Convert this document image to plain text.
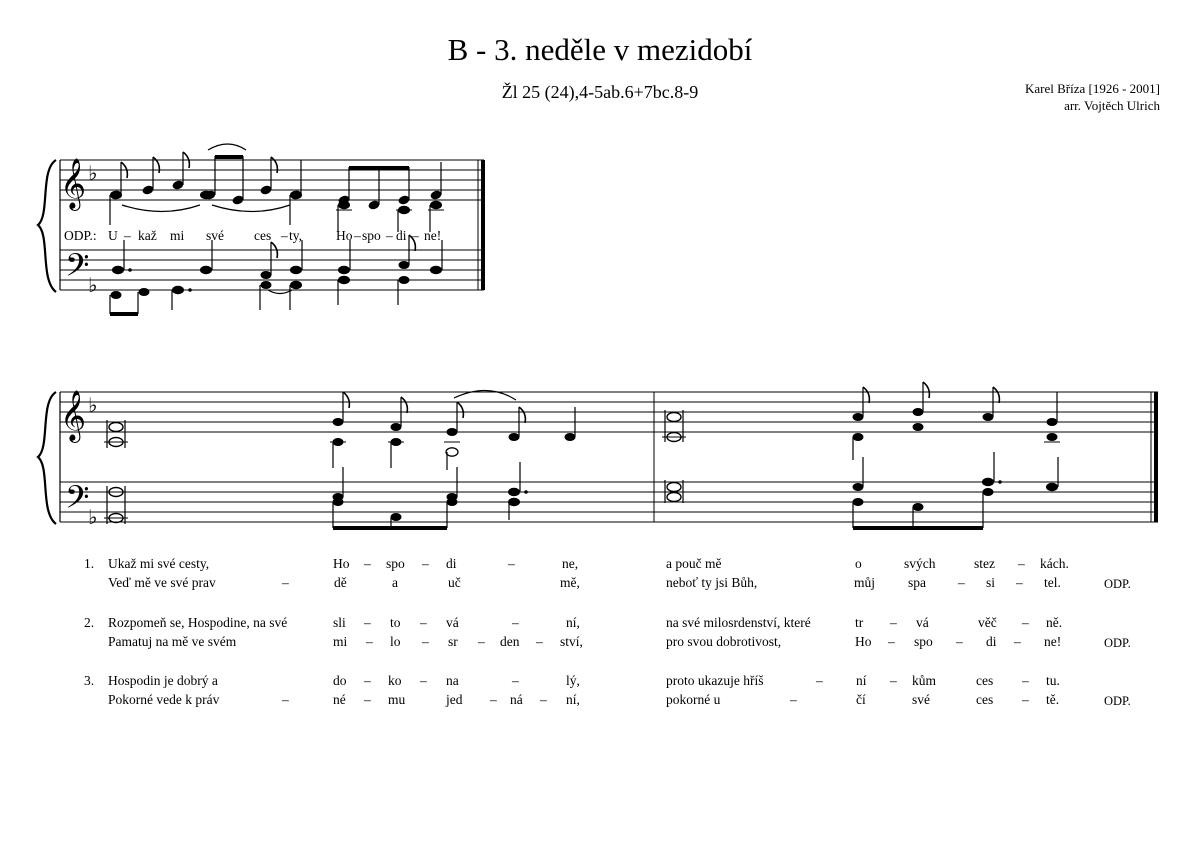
B - 3. neděle v mezidobí
Žl 25 (24),4-5ab.6+7bc.8-9	Karel Bříza [1926 - 2001]
arr. Vojtěch Ulrich
𝄞
𝄢
♭
♭
𝄞
𝄢
♭
♭
ODP.: U – kaž mi své ces – ty,	Ho – spo – di – ne!
1. Ukaž mi své cesty,	Ho – spo – di	–	ne,	a pouč mě	o	svých	stez – kách.
Veď mě ve své prav	–	dě	a	uč	mě,	neboť ty jsi Bůh,	můj spa – si – tel.	ODP.
2. Rozpomeň se, Hospodine, na své	sli – to – vá	–	ní,	na své milosrdenství, které	tr – vá	věč – ně.
Pamatuj na mě ve svém	mi – lo – sr – den – ství,	pro svou dobrotivost,	Ho – spo – di – ne!	ODP.
3. Hospodin je dobrý a	do – ko – na	–	lý,	proto ukazuje hříš	– ní – kům	ces – tu.
Pokorné vede k práv	–	né – mu	jed – ná – ní,	pokorné u	–	čí	své	ces – tě.	ODP.
